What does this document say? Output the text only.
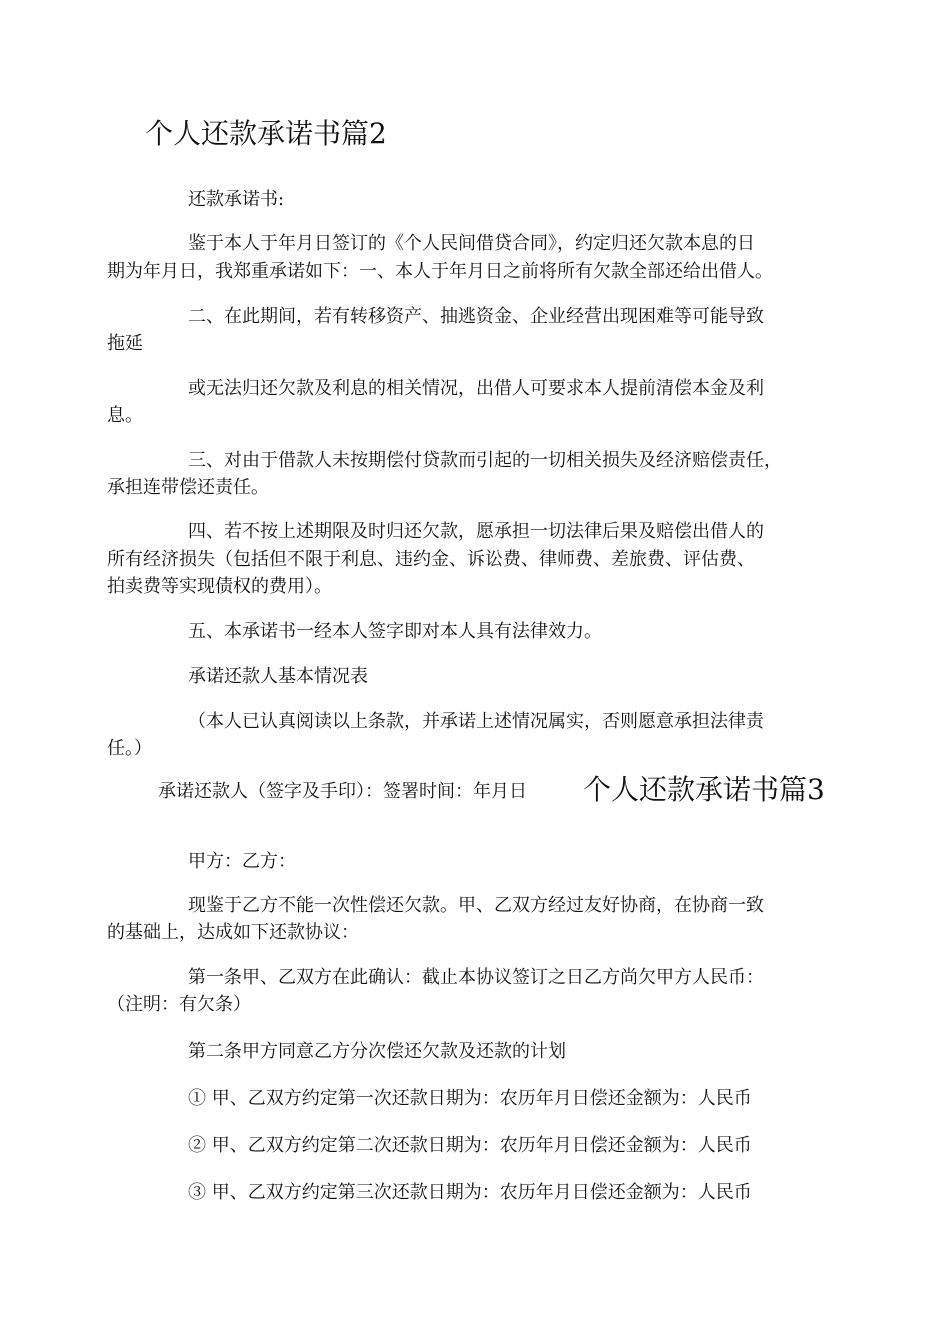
个人还款承诺书篇2
还款承诺书:
鉴于本人于年月日签订的《个人民间借贷合同》，约定归还欠款本息的日
期为年月日，我郑重承诺如下：一、本人于年月日之前将所有欠款全部还给出借人。
二、在此期间，若有转移资产、抽逃资金、企业经营出现困难等可能导致
拖延
或无法归还欠款及利息的相关情况，出借人可要求本人提前清偿本金及利
息。
三、对由于借款人未按期偿付贷款而引起的一切相关损失及经济赔偿责任，
承担连带偿还责任。
四、若不按上述期限及时归还欠款，愿承担一切法律后果及赔偿出借人的
所有经济损失（包括但不限于利息、违约金、诉讼费、律师费、差旅费、评估费、
拍卖费等实现债权的费用）。
五、本承诺书一经本人签字即对本人具有法律效力。
承诺还款人基本情况表
（本人已认真阅读以上条款，并承诺上述情况属实，否则愿意承担法律责
任。）
承诺还款人（签字及手印）：签署时间：年月日 个人还款承诺书篇3
甲方：乙方：
现鉴于乙方不能一次性偿还欠款。甲、乙双方经过友好协商，在协商一致
的基础上，达成如下还款协议：
第一条甲、乙双方在此确认：截止本协议签订之日乙方尚欠甲方人民币：
（注明：有欠条）
第二条甲方同意乙方分次偿还欠款及还款的计划
① 甲、乙双方约定第一次还款日期为：农历年月日偿还金额为：人民币
② 甲、乙双方约定第二次还款日期为：农历年月日偿还金额为：人民币
③ 甲、乙双方约定第三次还款日期为：农历年月日偿还金额为：人民币
